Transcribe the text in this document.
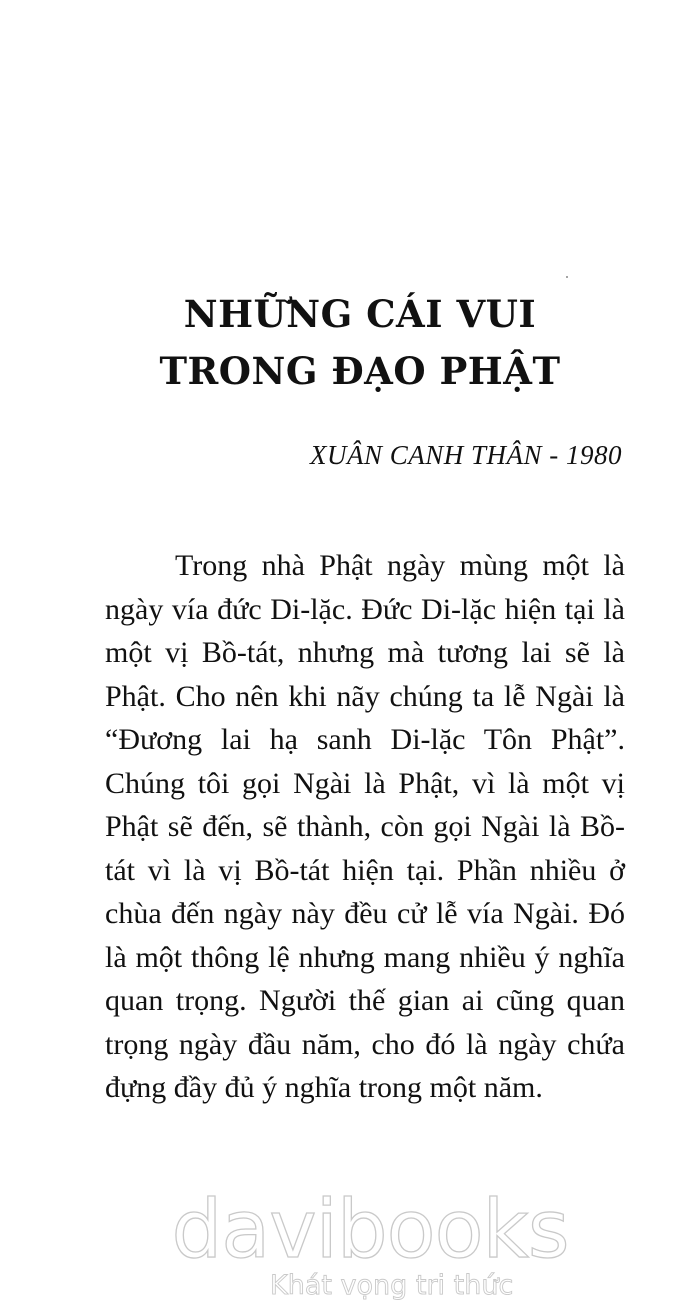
NHỮNG CÁI VUI
TRONG ĐẠO PHẬT
XUÂN CANH THÂN - 1980

Trong nhà Phật ngày mùng một là ngày vía đức Di-lặc. Đức Di-lặc hiện tại là một vị Bồ-tát, nhưng mà tương lai sẽ là Phật. Cho nên khi nãy chúng ta lễ Ngài là “Đương lai hạ sanh Di-lặc Tôn Phật”. Chúng tôi gọi Ngài là Phật, vì là một vị Phật sẽ đến, sẽ thành, còn gọi Ngài là Bồ-tát vì là vị Bồ-tát hiện tại. Phần nhiều ở chùa đến ngày này đều cử lễ vía Ngài. Đó là một thông lệ nhưng mang nhiều ý nghĩa quan trọng. Người thế gian ai cũng quan trọng ngày đầu năm, cho đó là ngày chứa đựng đầy đủ ý nghĩa trong một năm.

davibooks
Khát vọng tri thức
